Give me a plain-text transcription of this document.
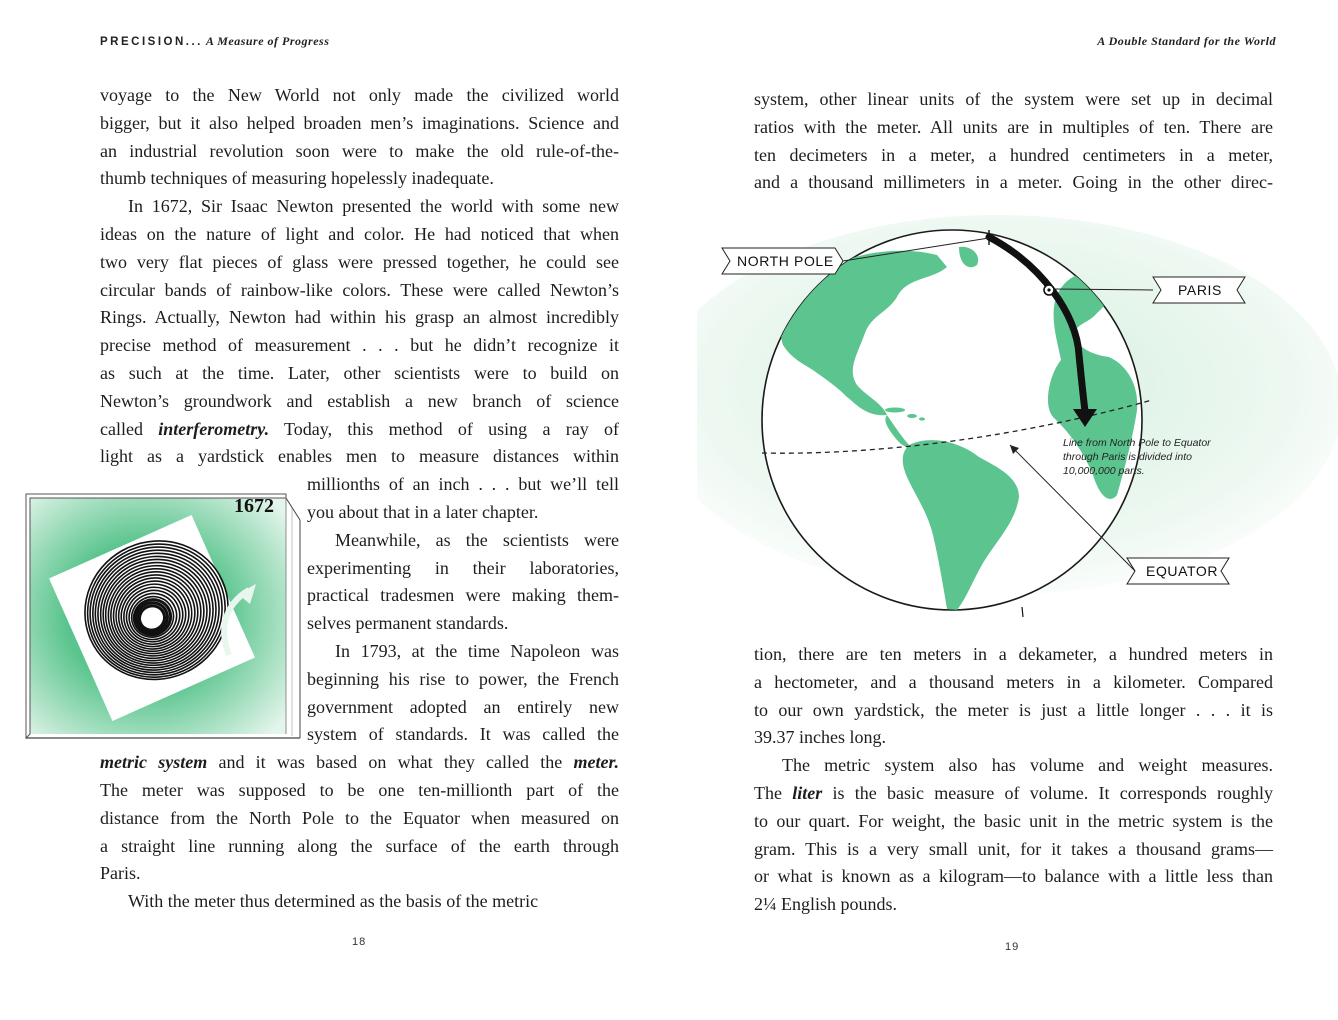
PRECISION... A Measure of Progress
voyage to the New World not only made the civilized world
bigger, but it also helped broaden men’s imaginations. Science and
an industrial revolution soon were to make the old rule-of-the-
thumb techniques of measuring hopelessly inadequate.
In 1672, Sir Isaac Newton presented the world with some new
ideas on the nature of light and color. He had noticed that when
two very flat pieces of glass were pressed together, he could see
circular bands of rainbow-like colors. These were called Newton’s
Rings. Actually, Newton had within his grasp an almost incredibly
precise method of measurement . . . but he didn’t recognize it
as such at the time. Later, other scientists were to build on
Newton’s groundwork and establish a new branch of science
called interferometry. Today, this method of using a ray of
light as a yardstick enables men to measure distances within
millionths of an inch . . . but we’ll tell
you about that in a later chapter.
Meanwhile, as the scientists were
experimenting in their laboratories,
practical tradesmen were making them-
selves permanent standards.
In 1793, at the time Napoleon was
beginning his rise to power, the French
government adopted an entirely new
system of standards. It was called the
metric system and it was based on what they called the meter.
The meter was supposed to be one ten-millionth part of the
distance from the North Pole to the Equator when measured on
a straight line running along the surface of the earth through
Paris.
With the meter thus determined as the basis of the metric
1672
18
A Double Standard for the World
system, other linear units of the system were set up in decimal
ratios with the meter. All units are in multiples of ten. There are
ten decimeters in a meter, a hundred centimeters in a meter,
and a thousand millimeters in a meter. Going in the other direc-
tion, there are ten meters in a dekameter, a hundred meters in
a hectometer, and a thousand meters in a kilometer. Compared
to our own yardstick, the meter is just a little longer . . . it is
39.37 inches long.
The metric system also has volume and weight measures.
The liter is the basic measure of volume. It corresponds roughly
to our quart. For weight, the basic unit in the metric system is the
gram. This is a very small unit, for it takes a thousand grams—
or what is known as a kilogram—to balance with a little less than
2¼ English pounds.
NORTH POLE
PARIS
EQUATOR
Line from North Pole to Equator
through Paris is divided into
10,000,000 parts.
19
